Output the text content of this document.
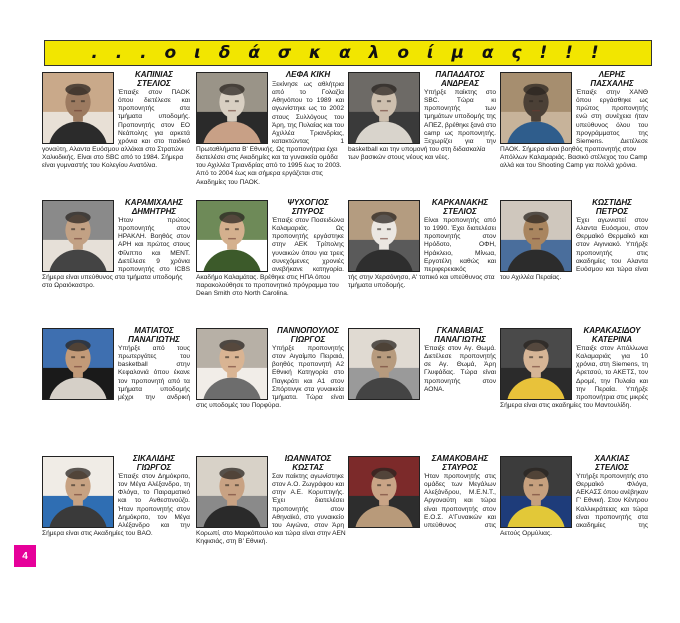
. . . ο ι δ ά σ κ α λ ο ί μ α ς ! ! !
ΚΑΠΙΝΙΑΣ
ΣΤΕΛΙΟΣ
Έπαιξε στον ΠΑΟΚ όπου διετέλεσε και προπονητής στα τμήματα υποδομής. Προπονητής στον ΕΟ Νεάπολης για αρκετά χρόνια και στο παιδικό
γοναύτη, Αλαντα Ευόσμου αλλάκαι στο Στρατώνι Χαλκιδικής. Είναι στο SBC από το 1984. Σήμερα είναι γυμναστής του Κολεγίου Ανατόλια.
ΛΕΦΑ ΚΙΚΗ
Ξεκίνησε ως αθλήτρια από το Γολαζία Αθηνόπου το 1989 και αγωνίστηκε ως το 2002 στους Συλλόγους του Άρη, της Πυλαίας και του Αχιλλέα Τριανδρίας, κατακτώντας 1
Πρωταθλήματα Β' Εθνικής. Ως προπονήτρια έχει διατελέσει στις Ακαδημίες και τα γυναικεία ομάδα του Αχιλλέα Τριανδρίας από το 1995 έως το 2003. Από το 2004 έως και σήμερα εργάζεται στις Ακαδημίες του ΠΑΟΚ.
ΠΑΠΑΔΑΤΟΣ
ΑΝΔΡΕΑΣ
Υπήρξε παίκτης στο SBC. Τώρα κι προπονητής των τμημάτων υποδομής της ΑΠΕΖ, βρέθηκε ξανά στο camp ως προπονητής. Ξεχωρίζει για την
basketball και την υπομονή του στη διδασκαλία των βασικών στους νέους και νέες.
ΛΕΡΗΣ
ΠΑΣΧΑΛΗΣ
Έπαιξε στην ΧΑΝΘ όπου εργάσθηκε ως πρώτος προπονητής ενώ στη συνέχεια ήταν υπεύθυνος όλου του προγράμματος της Siemens. Διετέλεσε
ΠΑΟΚ. Σήμερα είναι βοηθός προπονητής στον Απόλλων Καλαμαριάς. Βασικό στέλεχος του Camp αλλά και του Shooting Camp για πολλά χρόνια.
ΚΑΡΑΜΙΧΑΛΗΣ
ΔΗΜΗΤΡΗΣ
Ήταν πρώτος προπονητής στον ΗΡΑΚΛΗ. Βοηθός στον ΑΡΗ και πρώτος στους Φίλιππο και ΜΕΝΤ. Διετέλεσε 9 χρόνια προπονητής στο ICBS
Σήμερα είναι υπεύθυνος στα τμήματα υποδομής στο Ωραιόκαστρο.
ΨΥΧΟΓΙΟΣ
ΣΠΥΡΟΣ
Έπαιξε στον Ποσειδώνα Καλαμαριάς. Ως προπονητής εργάστηκε στην ΑΕΚ Τρίπολης γυναικών όπου για τρεις συνεχόμενες χρονιές ανεβήκανε κατηγορία.
Ακαδήμο Καλαμάτας. Βρέθηκε στις ΗΠΑ όπου παρακολούθησε το προπονητικό πρόγραμμα του Dean Smith στο North Carolina.
ΚΑΡΚΑΝΑΚΗΣ
ΣΤΕΛΙΟΣ
Είναι προπονητής από το 1990. Έχει διατελέσει προπονητής στον Ηρόδοτο, ΟΦΗ, Ηράκλειο, Μίνωα, Εργοτέλη καθώς και περιφερειακός
τής στην Χερσόνησο, Α' τοπικό και υπεύθυνος στα τμήματα υποδομής.
ΚΩΣΤΙΔΗΣ
ΠΕΤΡΟΣ
Έχει αγωνιστεί στον Αλαντα Ευόσμου, στον Θερμαϊκό Θερμαϊκό και στον Αιγινιακό. Υπήρξε προπονητής στις ακαδημίες του Αλαντα Ευόσμου και τώρα είναι
του Αχιλλέα Περαίας.
ΜΑΤΙΑΤΟΣ
ΠΑΝΑΓΙΩΤΗΣ
Υπήρξε από τους πρωτεργάτες του basketball στην Κεφαλονιά όπου έκανε τον προπονητή από τα τμήματα υποδομής μέχρι την ανδρική
ΠΑΝΝΟΠΟΥΛΟΣ
ΓΙΩΡΓΟΣ
Υπήρξε προπονητής στον Αιγαίμπο Πειραιά, βοηθός προπονητή Α2 Εθνική Κατηγορία στο Παγκράτι και Α1 στον Σπόρτινγκ στα γυναικεία τμήματα. Τώρα είναι
στις υποδομές του Πορφύρα.
ΓΚΑΝΑΒΙΑΣ
ΠΑΝΑΓΙΩΤΗΣ
Έπαιξε στον Αγ. Θωμά. Διετέλεσε προπονητής σε Αγ. Θωμά, Άρη Γλυφάδας. Τώρα είναι προπονητής στον ΑΟΝΑ.
ΚΑΡΑΚΑΣΙΔΟΥ
ΚΑΤΕΡΙΝΑ
Έπαιξε στον Απόλλωνα Καλαμαριάς για 10 χρόνια, στη Siemens, τη Αρετσού, το ΑΚΕΤΣ, τον Δρομέ, την Πυλαία και την Περαία. Υπήρξε προπονήτρια στις μικρές
Σήμερα είναι στις ακαδημίες του Μαντουλίδη.
ΣΙΚΑΛΙΔΗΣ
ΓΙΩΡΓΟΣ
Έπαιξε στον Δημόκριτο, τον Μέγα Αλέξανδρο, τη Φλόγα, το Παιραματικό και το Ανθεστινούζο. Ήταν προπονητής στον Δημόκριτο, τον Μέγα Αλέξανδρο και την
Σήμερα είναι στις Ακαδημίες του ΒΑΟ.
ΙΩΑΝΝΑΤΟΣ
ΚΩΣΤΑΣ
Σαν παίκτης αγωνίστηκε στον Α.Ο. Ζωγράφου και στην Α.Ε. Κορυπτιγής. Έχει διατελέσει προπονητής στον Αθηναϊκό, στο γυναικείο του Αιγώνα, στον Άρη
Κορωπί, στο Μαρκόπουλο και τώρα είναι στην ΑΕΝ Κηφισιάς, στη Β' Εθνική.
ΣΑΜΑΚΟΒΑΗΣ
ΣΤΑΥΡΟΣ
Ήταν προπονητής στις ομάδες των Μεγάλων Αλεξάνδρου, Μ.Ε.Ν.Τ., Αργοναύτη και τώρα είναι προπονητής στον Ε.Ο.Σ. Α'Γυναικών και υπεύθυνος στις
ΧΑΛΚΙΑΣ
ΣΤΕΛΙΟΣ
Υπήρξε προπονητής στο Θερμαϊκό Φλόγα, ΑΕΚΑΣΣ όπου ανέβηκαν Γ' Εθνική. Στον Κέντρου Καλλικράτειας και τώρα είναι προπονητής στα ακαδημίες της
Αετούς Ορμύλιας.
4
